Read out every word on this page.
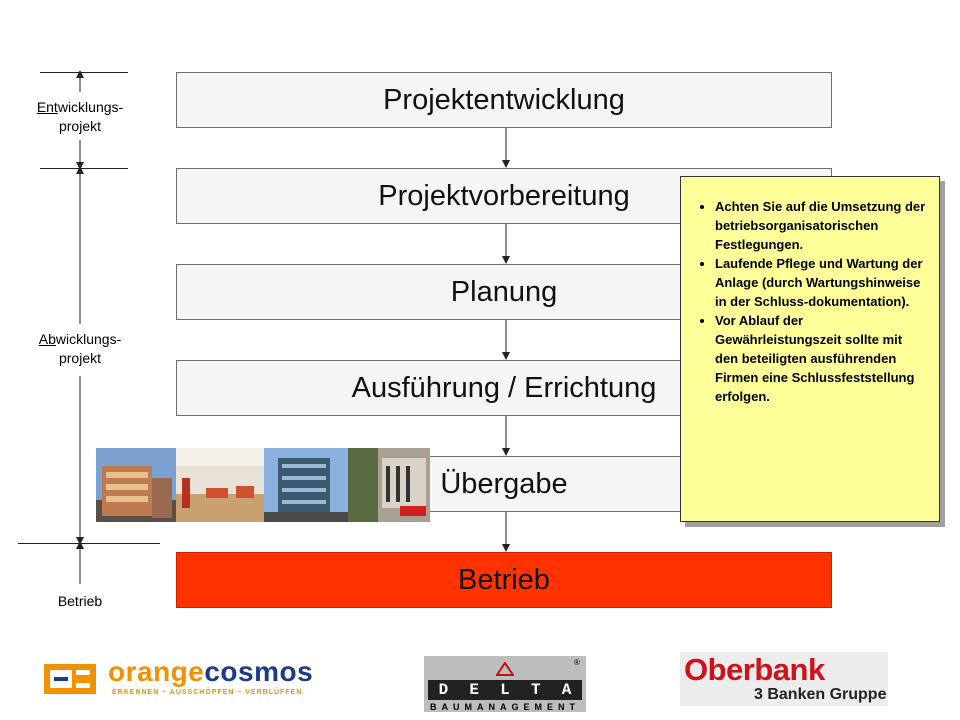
Entwicklungs-
projekt
Abwicklungs-
projekt
Betrieb
Projektentwicklung
Projektvorbereitung
Planung
Ausführung / Errichtung
Übergabe
Betrieb
• Achten Sie auf die Umsetzung der betriebsorganisatorischen Festlegungen.
• Laufende Pflege und Wartung der Anlage (durch Wartungshinweise in der Schluss-dokumentation).
• Vor Ablauf der Gewährleistungszeit sollte mit den beteiligten ausführenden Firmen eine Schlussfeststellung erfolgen.
orangecosmos
ERKENNEN – AUSSCHÖPFEN – VERBLÜFFEN
®
D E L T A
BAUMANAGEMENT
Oberbank
3 Banken Gruppe
